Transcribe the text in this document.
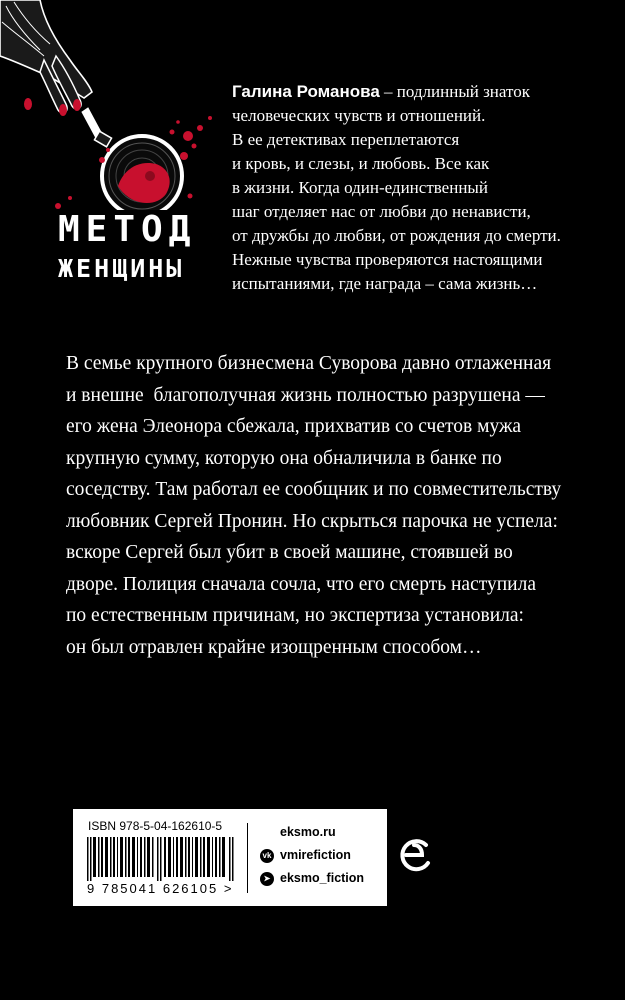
МЕТОД
ЖЕНЩИНЫ

Галина Романова – подлинный знаток

человеческих чувств и отношений.

В ее детективах переплетаются

и кровь, и слезы, и любовь. Все как

в жизни. Когда один-единственный

шаг отделяет нас от любви до ненависти,

от дружбы до любви, от рождения до смерти.

Нежные чувства проверяются настоящими

испытаниями, где награда – сама жизнь…

В семье крупного бизнесмена Суворова давно отлаженная

и внешне  благополучная жизнь полностью разрушена —

его жена Элеонора сбежала, прихватив со счетов мужа

крупную сумму, которую она обналичила в банке по

соседству. Там работал ее сообщник и по совместительству

любовник Сергей Пронин. Но скрыться парочка не успела:

вскоре Сергей был убит в своей машине, стоявшей во

дворе. Полиция сначала сочла, что его смерть наступила

по естественным причинам, но экспертиза установила:

он был отравлен крайне изощренным способом…

ISBN 978-5-04-162610-5
9 785041 626105 >
eksmo.ru
vk vmirefiction
➤ eksmo_fiction
